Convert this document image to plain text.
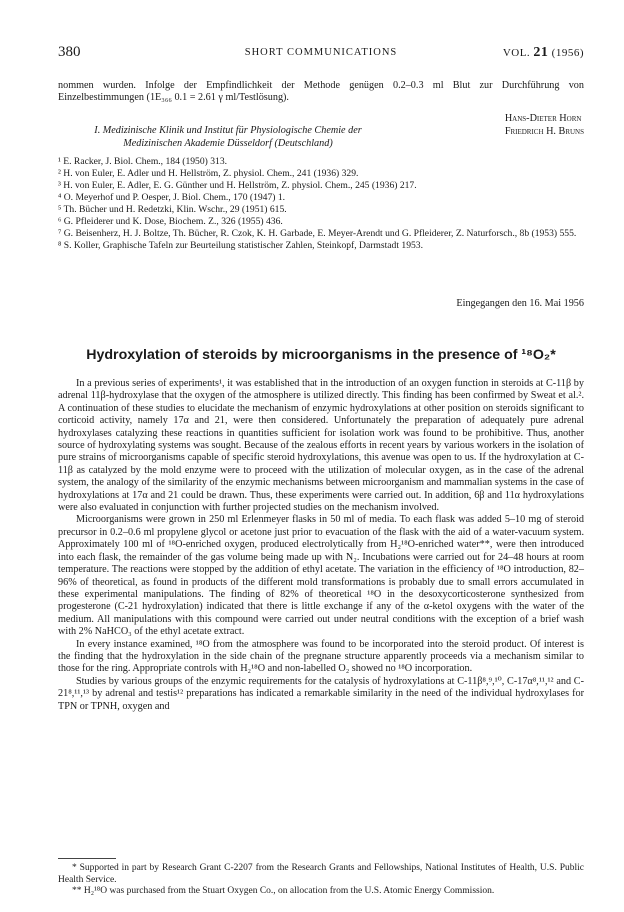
380	SHORT COMMUNICATIONS	VOL. 21 (1956)

nommen wurden. Infolge der Empfindlichkeit der Methode genügen 0.2–0.3 ml Blut zur Durchführung von Einzelbestimmungen (1E₃₆₆ 0.1 = 2.61 γ ml/Testlösung).

I. Medizinische Klinik und Institut für Physiologische Chemie der
Medizinischen Akademie Düsseldorf (Deutschland)
Hans-Dieter Horn
Friedrich H. Bruns
¹ E. Racker, J. Biol. Chem., 184 (1950) 313.
² H. von Euler, E. Adler und H. Hellström, Z. physiol. Chem., 241 (1936) 329.
³ H. von Euler, E. Adler, E. G. Günther und H. Hellström, Z. physiol. Chem., 245 (1936) 217.
⁴ O. Meyerhof und P. Oesper, J. Biol. Chem., 170 (1947) 1.
⁵ Th. Bücher und H. Redetzki, Klin. Wschr., 29 (1951) 615.
⁶ G. Pfleiderer und K. Dose, Biochem. Z., 326 (1955) 436.
⁷ G. Beisenherz, H. J. Boltze, Th. Bücher, R. Czok, K. H. Garbade, E. Meyer-Arendt und G. Pfleiderer, Z. Naturforsch., 8b (1953) 555.
⁸ S. Koller, Graphische Tafeln zur Beurteilung statistischer Zahlen, Steinkopf, Darmstadt 1953.
Eingegangen den 16. Mai 1956
Hydroxylation of steroids by microorganisms in the presence of ¹⁸O₂*

In a previous series of experiments¹, it was established that in the introduction of an oxygen function in steroids at C-11β by adrenal 11β-hydroxylase that the oxygen of the atmosphere is utilized directly. This finding has been confirmed by Sweat et al.². A continuation of these studies to elucidate the mechanism of enzymic hydroxylations at other position on steroids significant to corticoid activity, namely 17α and 21, were then considered. Unfortunately the preparation of adequately pure adrenal hydroxylases catalyzing these reactions in quantities sufficient for isolation work was found to be prohibitive. Thus, another source of hydroxylating systems was sought. Because of the zealous efforts in recent years by various workers in the isolation of pure strains of microorganisms capable of specific steroid hydroxylations, this avenue was open to us. If the hydroxylation at C-11β as catalyzed by the mold enzyme were to proceed with the utilization of molecular oxygen, as in the case of the adrenal system, the analogy of the similarity of the enzymic mechanisms between microorganism and mammalian systems in the case of hydroxylations at 17α and 21 could be drawn. Thus, these experiments were carried out. In addition, 6β and 11α hydroxylations were also evaluated in conjunction with further projected studies on the mechanism involved.

Microorganisms were grown in 250 ml Erlenmeyer flasks in 50 ml of media. To each flask was added 5–10 mg of steroid precursor in 0.2–0.6 ml propylene glycol or acetone just prior to evacuation of the flask with the aid of a water-vacuum system. Approximately 100 ml of ¹⁸O-enriched oxygen, produced electrolytically from H₂¹⁸O-enriched water**, were then introduced into each flask, the remainder of the gas volume being made up with N₂. Incubations were carried out for 24–48 hours at room temperature. The reactions were stopped by the addition of ethyl acetate. The variation in the efficiency of ¹⁸O introduction, 82–96% of theoretical, as found in products of the different mold transformations is probably due to small errors accumulated in these experimental manipulations. The finding of 82% of theoretical ¹⁸O in the desoxycorticosterone synthesized from progesterone (C-21 hydroxylation) indicated that there is little exchange if any of the α-ketol oxygens with the water of the medium. All manipulations with this compound were carried out under neutral conditions with the exception of a brief wash with 2% NaHCO₃ of the ethyl acetate extract.

In every instance examined, ¹⁸O from the atmosphere was found to be incorporated into the steroid product. Of interest is the finding that the hydroxylation in the side chain of the pregnane structure apparently proceeds via a mechanism similar to those for the ring. Appropriate controls with H₂¹⁸O and non-labelled O₂ showed no ¹⁸O incorporation.

Studies by various groups of the enzymic requirements for the catalysis of hydroxylations at C-11β⁸,⁹,¹⁰, C-17α⁸,¹¹,¹² and C-21⁸,¹¹,¹³ by adrenal and testis¹² preparations has indicated a remarkable similarity in the need of the individual hydroxylases for TPN or TPNH, oxygen and

* Supported in part by Research Grant C-2207 from the Research Grants and Fellowships, National Institutes of Health, U.S. Public Health Service.

** H₂¹⁸O was purchased from the Stuart Oxygen Co., on allocation from the U.S. Atomic Energy Commission.
